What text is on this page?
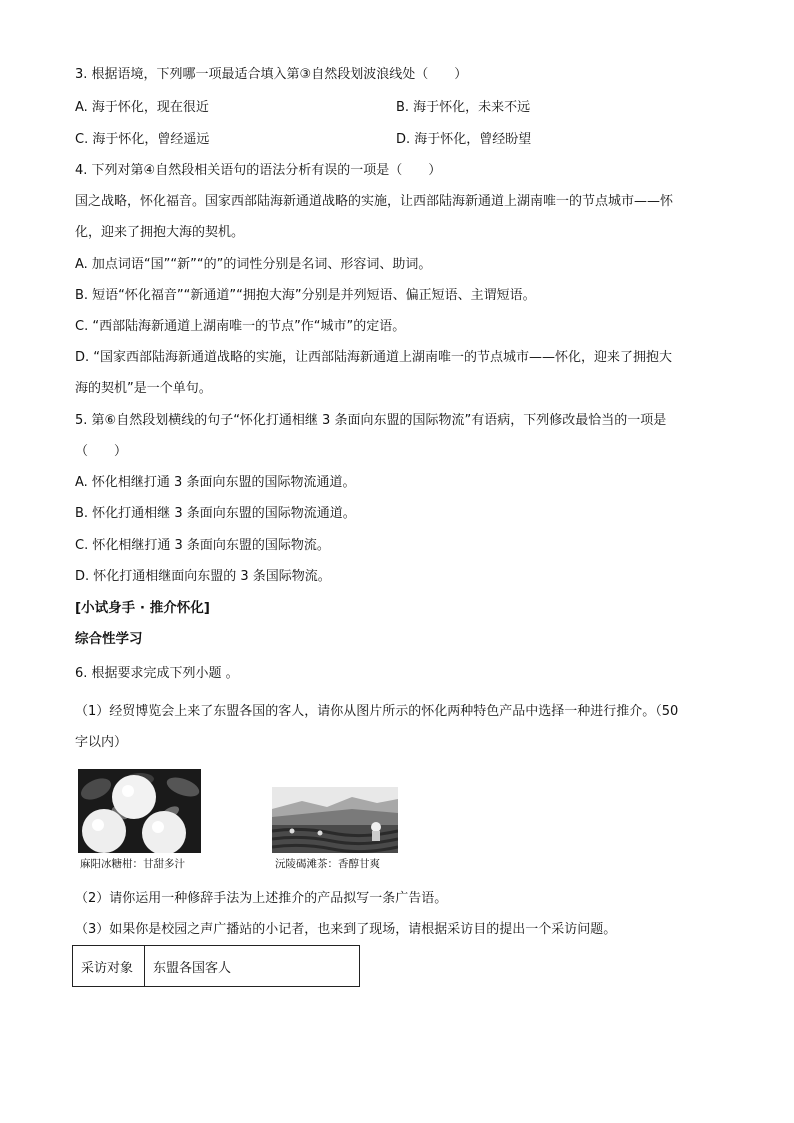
3. 根据语境，下列哪一项最适合填入第③自然段划波浪线处（　　）
A. 海于怀化，现在很近	B. 海于怀化，未来不远
C. 海于怀化，曾经遥远	D. 海于怀化，曾经盼望
4. 下列对第④自然段相关语句的语法分析有误的一项是（　　）
国之战略，怀化福音。国家西部陆海新通道战略的实施，让西部陆海新通道上湖南唯一的节点城市——怀
化，迎来了拥抱大海的契机。
A. 加点词语“国”“新”“的”的词性分别是名词、形容词、助词。
B. 短语“怀化福音”“新通道”“拥抱大海”分别是并列短语、偏正短语、主谓短语。
C. “西部陆海新通道上湖南唯一的节点”作“城市”的定语。
D. “国家西部陆海新通道战略的实施，让西部陆海新通道上湖南唯一的节点城市——怀化，迎来了拥抱大
海的契机”是一个单句。
5. 第⑥自然段划横线的句子“怀化打通相继 3 条面向东盟的国际物流”有语病，下列修改最恰当的一项是
（　　）
A. 怀化相继打通 3 条面向东盟的国际物流通道。
B. 怀化打通相继 3 条面向东盟的国际物流通道。
C. 怀化相继打通 3 条面向东盟的国际物流。
D. 怀化打通相继面向东盟的 3 条国际物流。
[小试身手 · 推介怀化]
综合性学习
6. 根据要求完成下列小题 。
（1）经贸博览会上来了东盟各国的客人，请你从图片所示的怀化两种特色产品中选择一种进行推介。（50
字以内）
麻阳冰糖柑：甘甜多汁	沅陵碣滩茶：香醇甘爽
（2）请你运用一种修辞手法为上述推介的产品拟写一条广告语。
（3）如果你是校园之声广播站的小记者，也来到了现场，请根据采访目的提出一个采访问题。
采访对象	东盟各国客人
